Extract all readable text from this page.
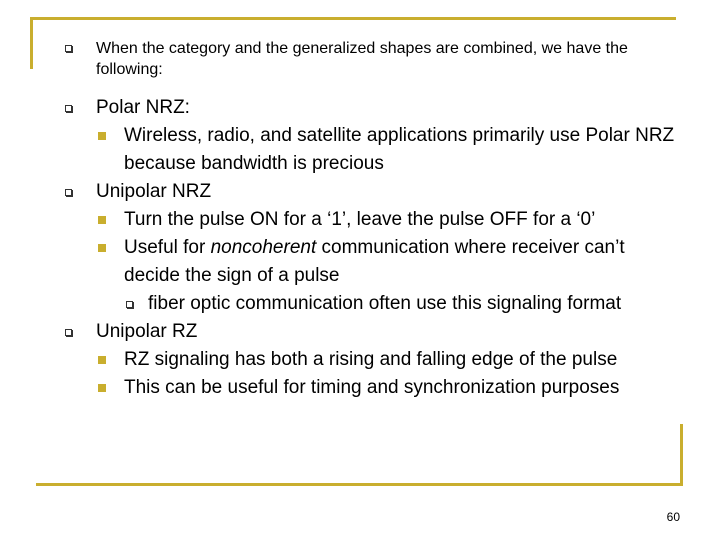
When the category and the generalized shapes are combined, we have the following:
Polar NRZ:
Wireless, radio, and satellite applications primarily use Polar NRZ because bandwidth is precious
Unipolar NRZ
Turn the pulse ON for a ‘1’, leave the pulse OFF for a ‘0’
Useful for noncoherent communication where receiver can’t decide the sign of a pulse
fiber optic communication often use this signaling format
Unipolar RZ
RZ signaling has both a rising and falling edge of the pulse
This can be useful for timing and synchronization purposes
60
